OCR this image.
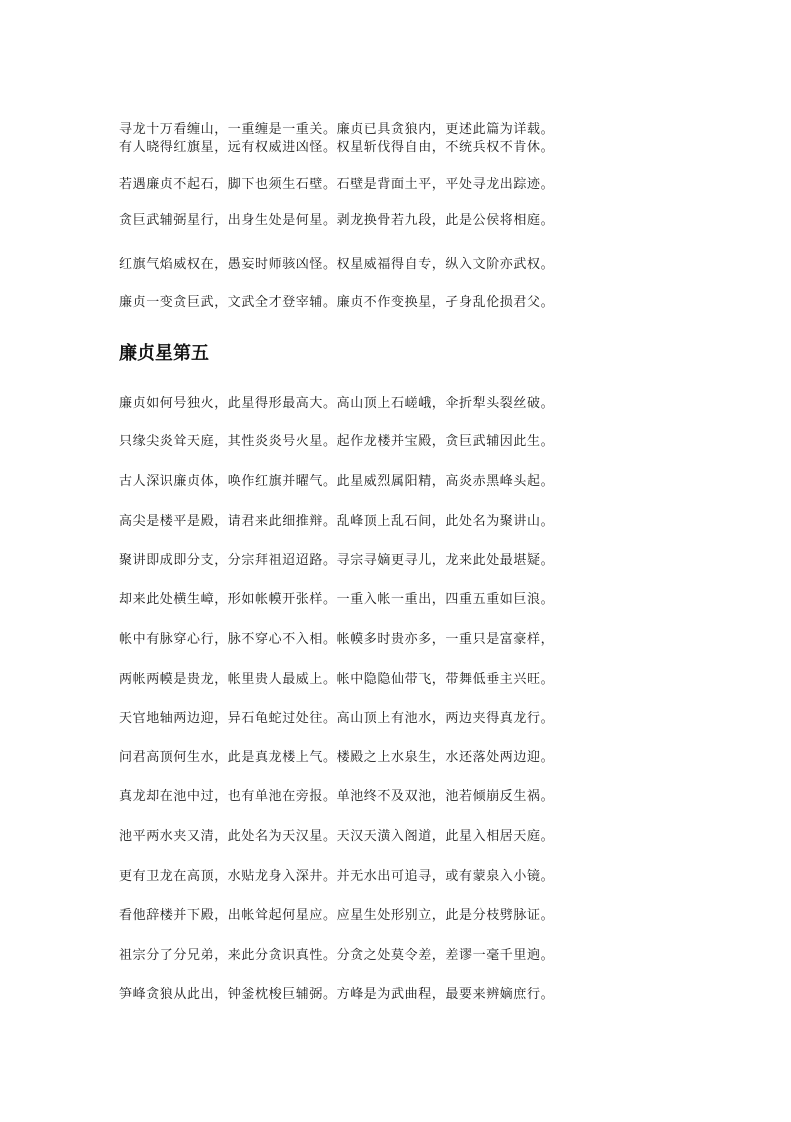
寻龙十万看缠山，一重缠是一重关。廉贞已具贪狼内，更述此篇为详载。
有人晓得红旗星，远有权威进凶怪。权星斩伐得自由，不统兵权不肯休。
若遇廉贞不起石，脚下也须生石壁。石壁是背面土平，平处寻龙出踪迹。
贪巨武辅弼星行，出身生处是何星。剥龙换骨若九段，此是公侯将相庭。
红旗气焰威权在，愚妄时师骇凶怪。权星威福得自专，纵入文阶亦武权。
廉贞一变贪巨武，文武全才登宰辅。廉贞不作变换星，孑身乱伦损君父。
廉贞星第五
廉贞如何号独火，此星得形最高大。高山顶上石嵯峨，伞折犁头裂丝破。
只缘尖炎耸天庭，其性炎炎号火星。起作龙楼并宝殿，贪巨武辅因此生。
古人深识廉贞体，唤作红旗并曜气。此星威烈属阳精，高炎赤黑峰头起。
高尖是楼平是殿，请君来此细推辩。乱峰顶上乱石间，此处名为聚讲山。
聚讲即成即分支，分宗拜祖迢迢路。寻宗寻嫡更寻儿，龙来此处最堪疑。
却来此处横生嶂，形如帐幙开张样。一重入帐一重出，四重五重如巨浪。
帐中有脉穿心行，脉不穿心不入相。帐幙多时贵亦多，一重只是富豪样，
两帐两幙是贵龙，帐里贵人最威上。帐中隐隐仙带飞，带舞低垂主兴旺。
天官地轴两边迎，异石龟蛇过处往。高山顶上有池水，两边夹得真龙行。
问君高顶何生水，此是真龙楼上气。楼殿之上水泉生，水还落处两边迎。
真龙却在池中过，也有单池在旁报。单池终不及双池，池若倾崩反生祸。
池平两水夹又清，此处名为天汉星。天汉天潢入阁道，此星入相居天庭。
更有卫龙在高顶，水贴龙身入深井。并无水出可追寻，或有蒙泉入小镜。
看他辞楼并下殿，出帐耸起何星应。应星生处形别立，此是分枝劈脉证。
祖宗分了分兄弟，来此分贪识真性。分贪之处莫令差，差谬一毫千里逈。
笋峰贪狼从此出，钟釜枕梭巨辅弼。方峰是为武曲程，最要来辨嫡庶行。
